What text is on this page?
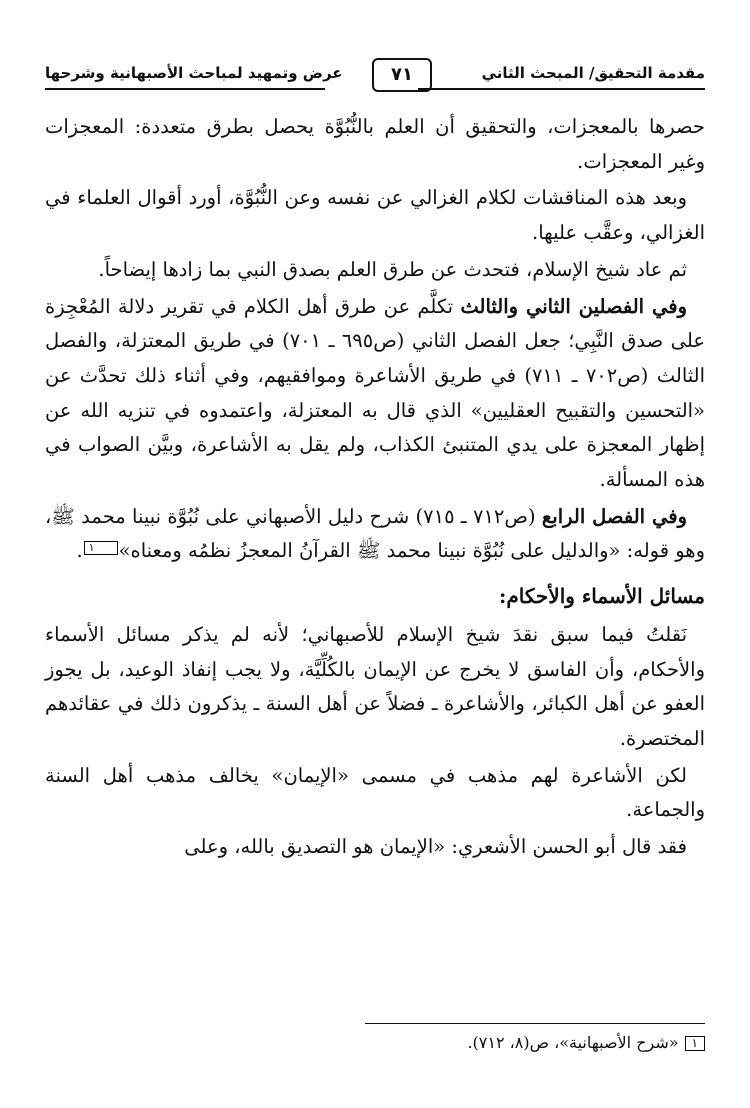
مقدمة التحقيق/ المبحث الثاني
٧١
عرض وتمهيد لمباحث الأصبهانية وشرحها

حصرها بالمعجزات، والتحقيق أن العلم بالنُّبُوَّة يحصل بطرق متعددة: المعجزات وغير المعجزات.

وبعد هذه المناقشات لكلام الغزالي عن نفسه وعن النُّبُوَّة، أورد أقوال العلماء في الغزالي، وعقَّب عليها.

ثم عاد شيخ الإسلام، فتحدث عن طرق العلم بصدق النبي بما زادها إيضاحاً.

وفي الفصلين الثاني والثالث تكلَّم عن طرق أهل الكلام في تقرير دلالة المُعْجِزة على صدق النَّبِي؛ جعل الفصل الثاني (ص٦٩٥ ـ ٧٠١) في طريق المعتزلة، والفصل الثالث (ص٧٠٢ ـ ٧١١) في طريق الأشاعرة وموافقيهم، وفي أثناء ذلك تحدَّث عن «التحسين والتقبيح العقليين» الذي قال به المعتزلة، واعتمدوه في تنزيه الله عن إظهار المعجزة على يدي المتنبئ الكذاب، ولم يقل به الأشاعرة، وبيَّن الصواب في هذه المسألة.

وفي الفصل الرابع (ص٧١٢ ـ ٧١٥) شرح دليل الأصبهاني على نُبُوَّة نبينا محمد ﷺ، وهو قوله: «والدليل على نُبُوَّة نبينا محمد ﷺ القرآنُ المعجزُ نظمُه ومعناه»١.

مسائل الأسماء والأحكام:

نَقلتُ فيما سبق نقدَ شيخ الإسلام للأصبهاني؛ لأنه لم يذكر مسائل الأسماء والأحكام، وأن الفاسق لا يخرج عن الإيمان بالكُلِّيَّة، ولا يجب إنفاذ الوعيد، بل يجوز العفو عن أهل الكبائر، والأشاعرة ـ فضلاً عن أهل السنة ـ يذكرون ذلك في عقائدهم المختصرة.

لكن الأشاعرة لهم مذهب في مسمى «الإيمان» يخالف مذهب أهل السنة والجماعة.

فقد قال أبو الحسن الأشعري: «الإيمان هو التصديق بالله، وعلى

١«شرح الأصبهانية»، ص(٨، ٧١٢).
